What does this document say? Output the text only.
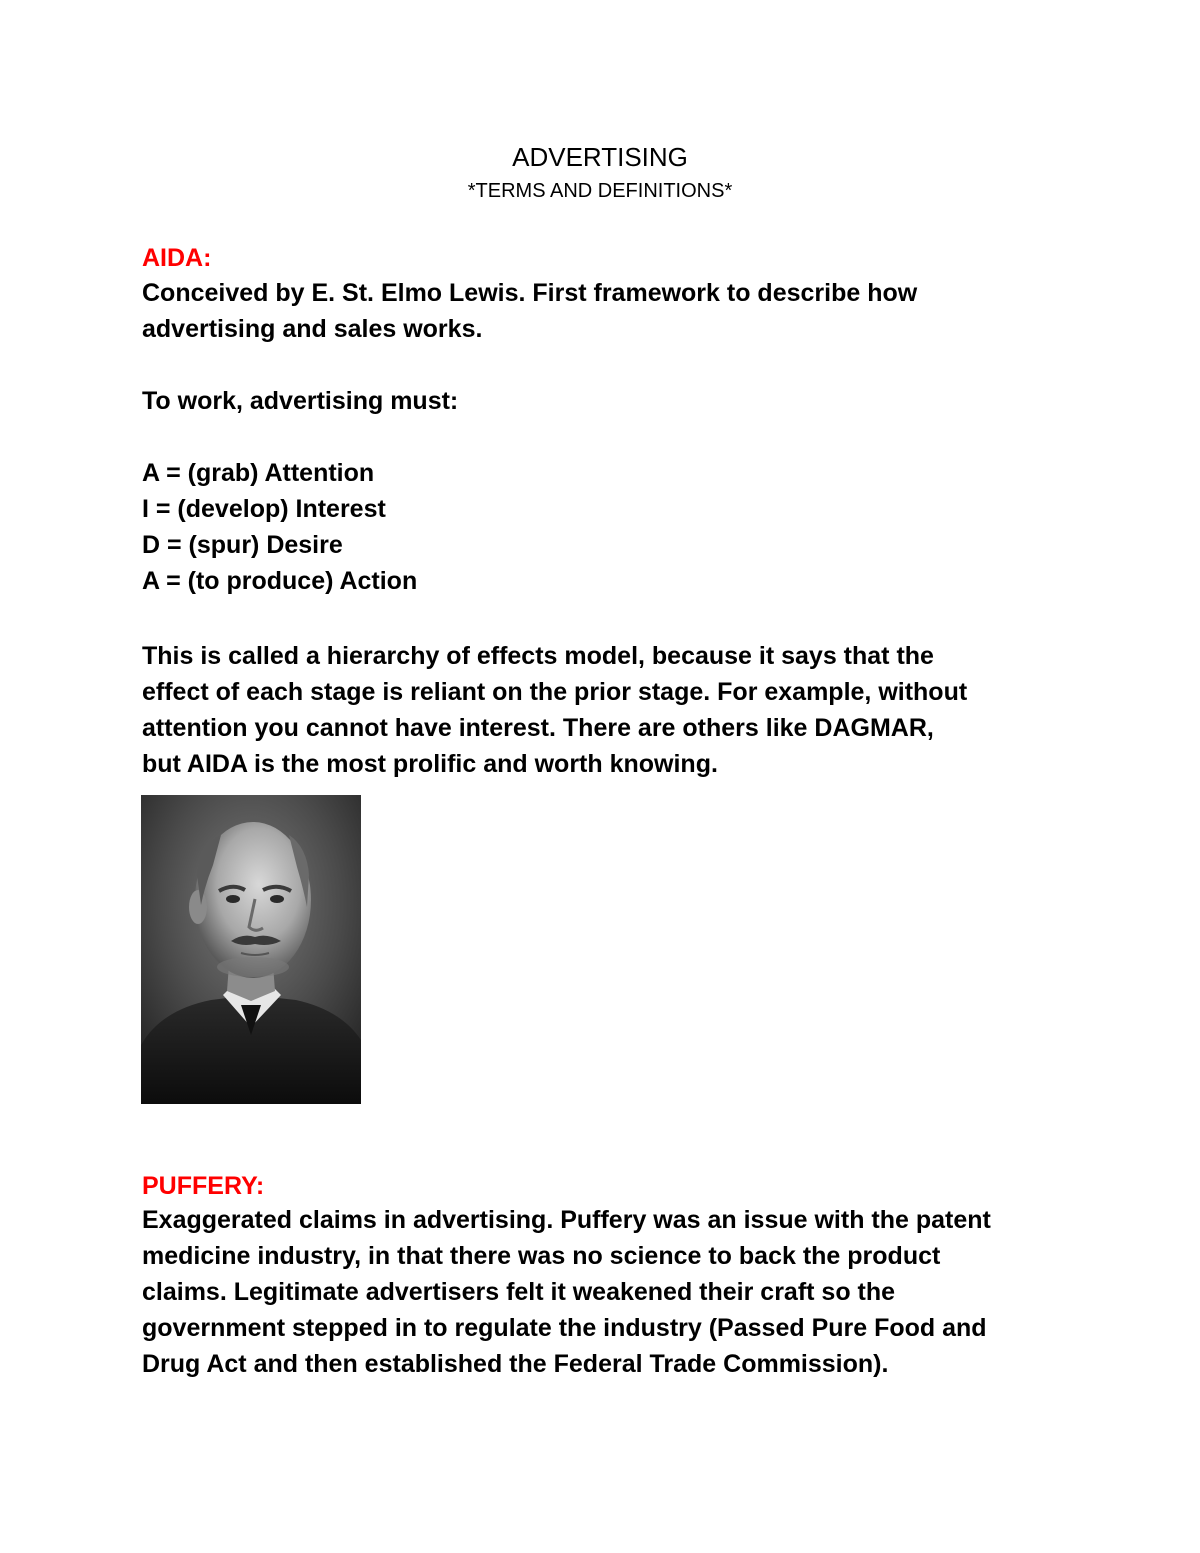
ADVERTISING
*TERMS AND DEFINITIONS*
AIDA:
Conceived by E. St. Elmo Lewis. First framework to describe how
advertising and sales works.
To work, advertising must:
A = (grab) Attention
I = (develop) Interest
D = (spur) Desire
A = (to produce) Action
This is called a hierarchy of effects model, because it says that the
effect of each stage is reliant on the prior stage. For example, without
attention you cannot have interest. There are others like DAGMAR,
but AIDA is the most prolific and worth knowing.
PUFFERY:
Exaggerated claims in advertising. Puffery was an issue with the patent
medicine industry, in that there was no science to back the product
claims. Legitimate advertisers felt it weakened their craft so the
government stepped in to regulate the industry (Passed Pure Food and
Drug Act and then established the Federal Trade Commission).
